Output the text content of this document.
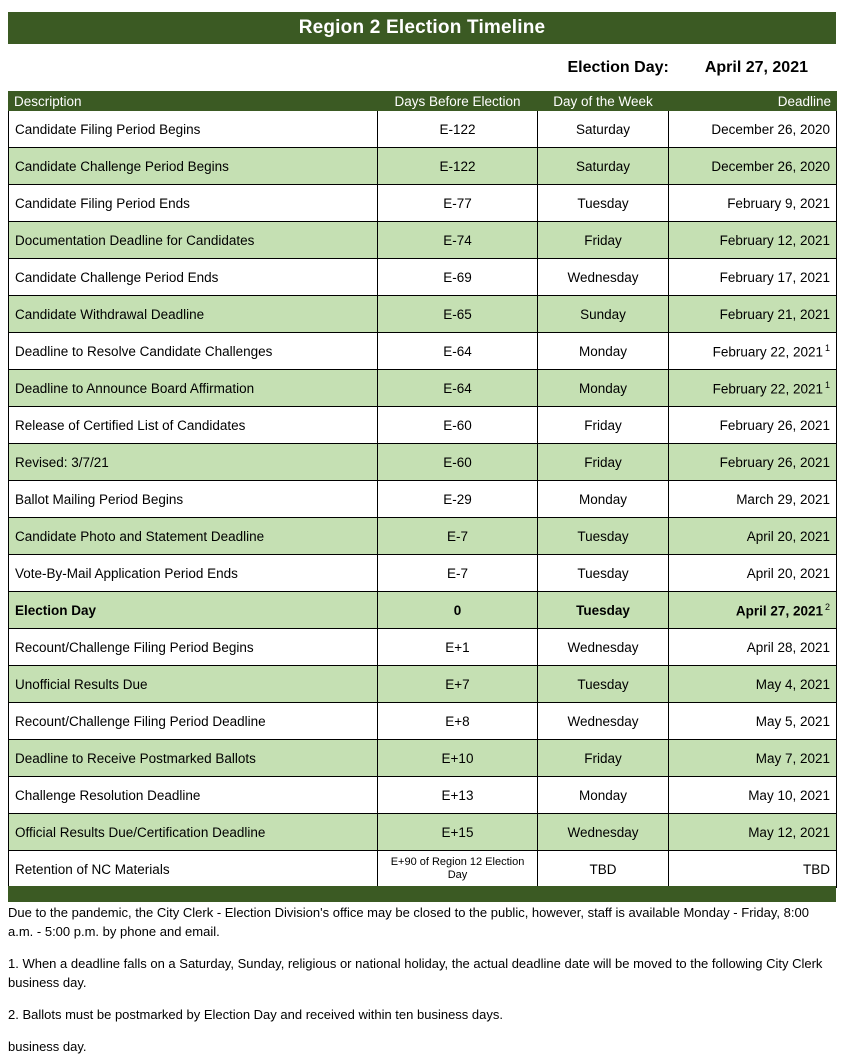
Region 2 Election Timeline
Election Day: April 27, 2021
Description	Days Before Election	Day of the Week	Deadline
Candidate Filing Period Begins	E-122	Saturday	December 26, 2020
Candidate Challenge Period Begins	E-122	Saturday	December 26, 2020
Candidate Filing Period Ends	E-77	Tuesday	February 9, 2021
Documentation Deadline for Candidates	E-74	Friday	February 12, 2021
Candidate Challenge Period Ends	E-69	Wednesday	February 17, 2021
Candidate Withdrawal Deadline	E-65	Sunday	February 21, 2021
Deadline to Resolve Candidate Challenges	E-64	Monday	February 22, 2021 $^1$
Deadline to Announce Board Affirmation	E-64	Monday	February 22, 2021 $^1$
Release of Certified List of Candidates	E-60	Friday	February 26, 2021
Revised: 3/7/21	E-60	Friday	February 26, 2021
Ballot Mailing Period Begins	E-29	Monday	March 29, 2021
Candidate Photo and Statement Deadline	E-7	Tuesday	April 20, 2021
Vote-By-Mail Application Period Ends	E-7	Tuesday	April 20, 2021
Election Day	0	Tuesday	April 27, 2021 $^2$
Recount/Challenge Filing Period Begins	E+1	Wednesday	April 28, 2021
Unofficial Results Due	E+7	Tuesday	May 4, 2021
Recount/Challenge Filing Period Deadline	E+8	Wednesday	May 5, 2021
Deadline to Receive Postmarked Ballots	E+10	Friday	May 7, 2021
Challenge Resolution Deadline	E+13	Monday	May 10, 2021
Official Results Due/Certification Deadline	E+15	Wednesday	May 12, 2021
Retention of NC Materials	E+90 of Region 12 Election Day	TBD	TBD

Due to the pandemic, the City Clerk - Election Division's office may be closed to the public, however, staff is available Monday - Friday, 8:00 a.m. - 5:00 p.m. by phone and email.

1. When a deadline falls on a Saturday, Sunday, religious or national holiday, the actual deadline date will be moved to the following City Clerk business day.

2. Ballots must be postmarked by Election Day and received within ten business days.

business day.
